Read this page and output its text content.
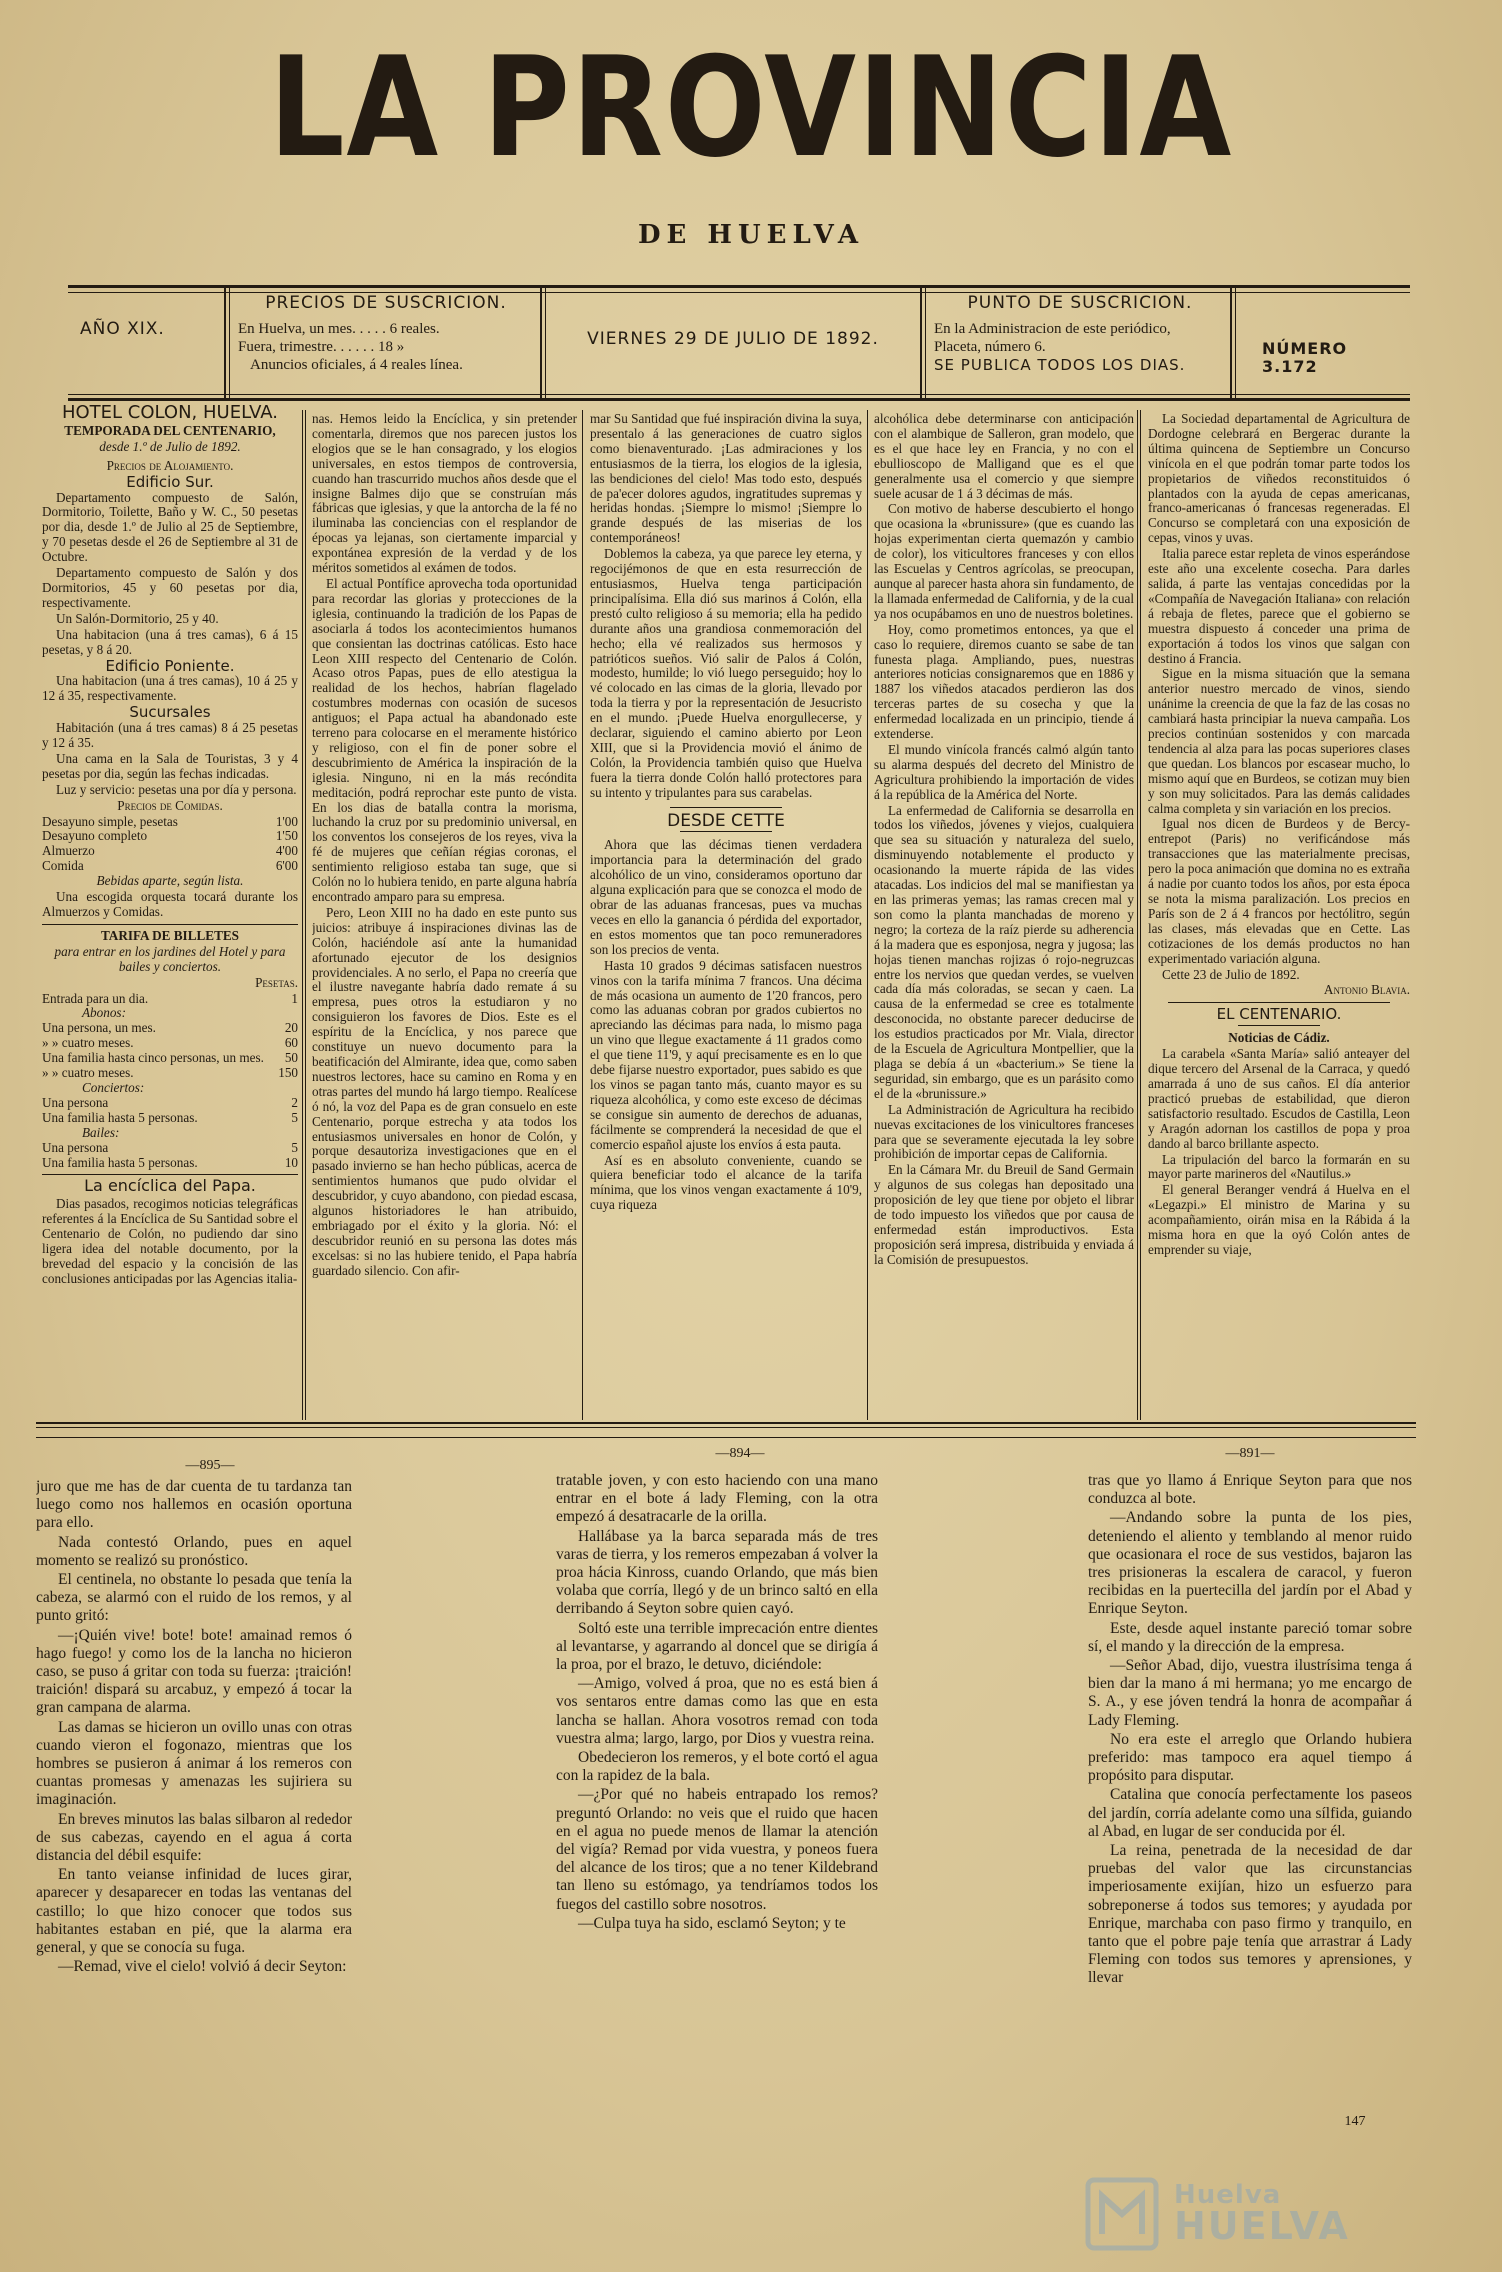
LA PROVINCIA
DE HUELVA
AÑO XIX.
PRECIOS DE SUSCRICION.
En Huelva, un mes. . . . . 6 reales.
Fuera, trimestre. . . . . . 18 »
Anuncios oficiales, á 4 reales línea.
VIERNES 29 DE JULIO DE 1892.
PUNTO DE SUSCRICION.
En la Administracion de este periódico,
Placeta, número 6.
SE PUBLICA TODOS LOS DIAS.
NÚMERO 3.172

HOTEL COLON, HUELVA.

TEMPORADA DEL CENTENARIO,

desde 1.º de Julio de 1892.

Precios de Alojamiento.

Edificio Sur.

Departamento compuesto de Salón, Dormitorio, Toilette, Baño y W. C., 50 pesetas por dia, desde 1.º de Julio al 25 de Septiembre, y 70 pesetas desde el 26 de Septiembre al 31 de Octubre.

Departamento compuesto de Salón y dos Dormitorios, 45 y 60 pesetas por dia, respectivamente.

Un Salón-Dormitorio, 25 y 40.

Una habitacion (una á tres camas), 6 á 15 pesetas, y 8 á 20.

Edificio Poniente.

Una habitacion (una á tres camas), 10 á 25 y 12 á 35, respectivamente.

Sucursales

Habitación (una á tres camas) 8 á 25 pesetas y 12 á 35.

Una cama en la Sala de Touristas, 3 y 4 pesetas por dia, según las fechas indicadas.

Luz y servicio: pesetas una por día y persona.

Precios de Comidas.

Desayuno simple, pesetas	1'00
Desayuno completo	1'50
Almuerzo	4'00
Comida	6'00

Bebidas aparte, según lista.

Una escogida orquesta tocará durante los Almuerzos y Comidas.

TARIFA DE BILLETES

para entrar en los jardines del Hotel y para bailes y conciertos.

Pesetas.

Entrada para un dia.	1
Abonos:
Una persona, un mes.	20
» » cuatro meses.	60
Una familia hasta cinco personas, un mes. 50
» » cuatro meses.	150
Conciertos:
Una persona	2
Una familia hasta 5 personas.	5
Bailes:
Una persona	5
Una familia hasta 5 personas.	10

La encíclica del Papa.

Dias pasados, recogimos noticias telegráficas referentes á la Encíclica de Su Santidad sobre el Centenario de Colón, no pudiendo dar sino ligera idea del notable documento, por la brevedad del espacio y la concisión de las conclusiones anticipadas por las Agencias italia-

nas. Hemos leido la Encíclica, y sin pretender comentarla, diremos que nos parecen justos los elogios que se le han consagrado, y los elogios universales, en estos tiempos de controversia, cuando han trascurrido muchos años desde que el insigne Balmes dijo que se construían más fábricas que iglesias, y que la antorcha de la fé no iluminaba las conciencias con el resplandor de épocas ya lejanas, son ciertamente imparcial y expontánea expresión de la verdad y de los méritos sometidos al exámen de todos.

El actual Pontífice aprovecha toda oportunidad para recordar las glorias y protecciones de la iglesia, continuando la tradición de los Papas de asociarla á todos los acontecimientos humanos que consientan las doctrinas católicas. Esto hace Leon XIII respecto del Centenario de Colón. Acaso otros Papas, pues de ello atestigua la realidad de los hechos, habrían flagelado costumbres modernas con ocasión de sucesos antiguos; el Papa actual ha abandonado este terreno para colocarse en el meramente histórico y religioso, con el fin de poner sobre el descubrimiento de América la inspiración de la iglesia. Ninguno, ni en la más recóndita meditación, podrá reprochar este punto de vista. En los dias de batalla contra la morisma, luchando la cruz por su predominio universal, en los conventos los consejeros de los reyes, viva la fé de mujeres que ceñían régias coronas, el sentimiento religioso estaba tan suge, que si Colón no lo hubiera tenido, en parte alguna habría encontrado amparo para su empresa.

Pero, Leon XIII no ha dado en este punto sus juicios: atribuye á inspiraciones divinas las de Colón, haciéndole así ante la humanidad afortunado ejecutor de los designios providenciales. A no serlo, el Papa no creería que el ilustre navegante habría dado remate á su empresa, pues otros la estudiaron y no consiguieron los favores de Dios. Este es el espíritu de la Encíclica, y nos parece que constituye un nuevo documento para la beatificación del Almirante, idea que, como saben nuestros lectores, hace su camino en Roma y en otras partes del mundo há largo tiempo. Realícese ó nó, la voz del Papa es de gran consuelo en este Centenario, porque estrecha y ata todos los entusiasmos universales en honor de Colón, y porque desautoriza investigaciones que en el pasado invierno se han hecho públicas, acerca de sentimientos humanos que pudo olvidar el descubridor, y cuyo abandono, con piedad escasa, algunos historiadores le han atribuido, embriagado por el éxito y la gloria. Nó: el descubridor reunió en su persona las dotes más excelsas: si no las hubiere tenido, el Papa habría guardado silencio. Con afir-

mar Su Santidad que fué inspiración divina la suya, presentalo á las generaciones de cuatro siglos como bienaventurado. ¡Las admiraciones y los entusiasmos de la tierra, los elogios de la iglesia, las bendiciones del cielo! Mas todo esto, después de pa'ecer dolores agudos, ingratitudes supremas y heridas hondas. ¡Siempre lo mismo! ¡Siempre lo grande después de las miserias de los contemporáneos!

Doblemos la cabeza, ya que parece ley eterna, y regocijémonos de que en esta resurrección de entusiasmos, Huelva tenga participación principalísima. Ella dió sus marinos á Colón, ella prestó culto religioso á su memoria; ella ha pedido durante años una grandiosa conmemoración del hecho; ella vé realizados sus hermosos y patrióticos sueños. Vió salir de Palos á Colón, modesto, humilde; lo vió luego perseguido; hoy lo vé colocado en las cimas de la gloria, llevado por toda la tierra y por la representación de Jesucristo en el mundo. ¡Puede Huelva enorgullecerse, y declarar, siguiendo el camino abierto por Leon XIII, que si la Providencia movió el ánimo de Colón, la Providencia también quiso que Huelva fuera la tierra donde Colón halló protectores para su intento y tripulantes para sus carabelas.

DESDE CETTE

Ahora que las décimas tienen verdadera importancia para la determinación del grado alcohólico de un vino, consideramos oportuno dar alguna explicación para que se conozca el modo de obrar de las aduanas francesas, pues va muchas veces en ello la ganancia ó pérdida del exportador, en estos momentos que tan poco remuneradores son los precios de venta.

Hasta 10 grados 9 décimas satisfacen nuestros vinos con la tarifa mínima 7 francos. Una décima de más ocasiona un aumento de 1'20 francos, pero como las aduanas cobran por grados cubiertos no apreciando las décimas para nada, lo mismo paga un vino que llegue exactamente á 11 grados como el que tiene 11'9, y aquí precisamente es en lo que debe fijarse nuestro exportador, pues sabido es que los vinos se pagan tanto más, cuanto mayor es su riqueza alcohólica, y como este exceso de décimas se consigue sin aumento de derechos de aduanas, fácilmente se comprenderá la necesidad de que el comercio español ajuste los envíos á esta pauta.

Así es en absoluto conveniente, cuando se quiera beneficiar todo el alcance de la tarifa mínima, que los vinos vengan exactamente á 10'9, cuya riqueza

alcohólica debe determinarse con anticipación con el alambique de Salleron, gran modelo, que es el que hace ley en Francia, y no con el ebullioscopo de Malligand que es el que generalmente usa el comercio y que siempre suele acusar de 1 á 3 décimas de más.

Con motivo de haberse descubierto el hongo que ocasiona la «brunissure» (que es cuando las hojas experimentan cierta quemazón y cambio de color), los viticultores franceses y con ellos las Escuelas y Centros agrícolas, se preocupan, aunque al parecer hasta ahora sin fundamento, de la llamada enfermedad de California, y de la cual ya nos ocupábamos en uno de nuestros boletines.

Hoy, como prometimos entonces, ya que el caso lo requiere, diremos cuanto se sabe de tan funesta plaga. Ampliando, pues, nuestras anteriores noticias consignaremos que en 1886 y 1887 los viñedos atacados perdieron las dos terceras partes de su cosecha y que la enfermedad localizada en un principio, tiende á extenderse.

El mundo vinícola francés calmó algún tanto su alarma después del decreto del Ministro de Agricultura prohibiendo la importación de vides á la república de la América del Norte.

La enfermedad de California se desarrolla en todos los viñedos, jóvenes y viejos, cualquiera que sea su situación y naturaleza del suelo, disminuyendo notablemente el producto y ocasionando la muerte rápida de las vides atacadas. Los indicios del mal se manifiestan ya en las primeras yemas; las ramas crecen mal y son como la planta manchadas de moreno y negro; la corteza de la raíz pierde su adherencia á la madera que es esponjosa, negra y jugosa; las hojas tienen manchas rojizas ó rojo-negruzcas entre los nervios que quedan verdes, se vuelven cada día más coloradas, se secan y caen. La causa de la enfermedad se cree es totalmente desconocida, no obstante parecer deducirse de los estudios practicados por Mr. Viala, director de la Escuela de Agricultura Montpellier, que la plaga se debía á un «bacterium.» Se tiene la seguridad, sin embargo, que es un parásito como el de la «brunissure.»

La Administración de Agricultura ha recibido nuevas excitaciones de los vinicultores franceses para que se severamente ejecutada la ley sobre prohibición de importar cepas de California.

En la Cámara Mr. du Breuil de Sand Germain y algunos de sus colegas han depositado una proposición de ley que tiene por objeto el librar de todo impuesto los viñedos que por causa de enfermedad están improductivos. Esta proposición será impresa, distribuida y enviada á la Comisión de presupuestos.

La Sociedad departamental de Agricultura de Dordogne celebrará en Bergerac durante la última quincena de Septiembre un Concurso vinícola en el que podrán tomar parte todos los propietarios de viñedos reconstituidos ó plantados con la ayuda de cepas americanas, franco-americanas ó francesas regeneradas. El Concurso se completará con una exposición de cepas, vinos y uvas.

Italia parece estar repleta de vinos esperándose este año una excelente cosecha. Para darles salida, á parte las ventajas concedidas por la «Compañía de Navegación Italiana» con relación á rebaja de fletes, parece que el gobierno se muestra dispuesto á conceder una prima de exportación á todos los vinos que salgan con destino á Francia.

Sigue en la misma situación que la semana anterior nuestro mercado de vinos, siendo unánime la creencia de que la faz de las cosas no cambiará hasta principiar la nueva campaña. Los precios continúan sostenidos y con marcada tendencia al alza para las pocas superiores clases que quedan. Los blancos por escasear mucho, lo mismo aquí que en Burdeos, se cotizan muy bien y son muy solicitados. Para las demás calidades calma completa y sin variación en los precios.

Igual nos dicen de Burdeos y de Bercy-entrepot (Paris) no verificándose más transacciones que las materialmente precisas, pero la poca animación que domina no es extraña á nadie por cuanto todos los años, por esta época se nota la misma paralización. Los precios en París son de 2 á 4 francos por hectólitro, según las clases, más elevadas que en Cette. Las cotizaciones de los demás productos no han experimentado variación alguna.

Cette 23 de Julio de 1892.

Antonio Blavia.

EL CENTENARIO.

Noticias de Cádiz.

La carabela «Santa María» salió anteayer del dique tercero del Arsenal de la Carraca, y quedó amarrada á uno de sus caños. El día anterior practicó pruebas de estabilidad, que dieron satisfactorio resultado. Escudos de Castilla, Leon y Aragón adornan los castillos de popa y proa dando al barco brillante aspecto.

La tripulación del barco la formarán en su mayor parte marineros del «Nautilus.»

El general Beranger vendrá á Huelva en el «Legazpi.» El ministro de Marina y su acompañamiento, oirán misa en la Rábida á la misma hora en que la oyó Colón antes de emprender su viaje,

—895—
—894—	—891—

juro que me has de dar cuenta de tu tardanza tan luego como nos hallemos en ocasión oportuna para ello.

Nada contestó Orlando, pues en aquel momento se realizó su pronóstico.

El centinela, no obstante lo pesada que tenía la cabeza, se alarmó con el ruido de los remos, y al punto gritó:

—¡Quién vive! bote! bote! amainad remos ó hago fuego! y como los de la lancha no hicieron caso, se puso á gritar con toda su fuerza: ¡traición! traición! dispará su arcabuz, y empezó á tocar la gran campana de alarma.

Las damas se hicieron un ovillo unas con otras cuando vieron el fogonazo, mientras que los hombres se pusieron á animar á los remeros con cuantas promesas y amenazas les sujiriera su imaginación.

En breves minutos las balas silbaron al rededor de sus cabezas, cayendo en el agua á corta distancia del débil esquife:

En tanto veianse infinidad de luces girar, aparecer y desaparecer en todas las ventanas del castillo; lo que hizo conocer que todos sus habitantes estaban en pié, que la alarma era general, y que se conocía su fuga.

—Remad, vive el cielo! volvió á decir Seyton:

tratable joven, y con esto haciendo con una mano entrar en el bote á lady Fleming, con la otra empezó á desatracarle de la orilla.

Hallábase ya la barca separada más de tres varas de tierra, y los remeros empezaban á volver la proa hácia Kinross, cuando Orlando, que más bien volaba que corría, llegó y de un brinco saltó en ella derribando á Seyton sobre quien cayó.

Soltó este una terrible imprecación entre dientes al levantarse, y agarrando al doncel que se dirigía á la proa, por el brazo, le detuvo, diciéndole:

—Amigo, volved á proa, que no es está bien á vos sentaros entre damas como las que en esta lancha se hallan. Ahora vosotros remad con toda vuestra alma; largo, largo, por Dios y vuestra reina.

Obedecieron los remeros, y el bote cortó el agua con la rapidez de la bala.

—¿Por qué no habeis entrapado los remos? preguntó Orlando: no veis que el ruido que hacen en el agua no puede menos de llamar la atención del vigía? Remad por vida vuestra, y poneos fuera del alcance de los tiros; que a no tener Kildebrand tan lleno su estómago, ya tendríamos todos los fuegos del castillo sobre nosotros.

—Culpa tuya ha sido, esclamó Seyton; y te

tras que yo llamo á Enrique Seyton para que nos conduzca al bote.

—Andando sobre la punta de los pies, deteniendo el aliento y temblando al menor ruido que ocasionara el roce de sus vestidos, bajaron las tres prisioneras la escalera de caracol, y fueron recibidas en la puertecilla del jardín por el Abad y Enrique Seyton.

Este, desde aquel instante pareció tomar sobre sí, el mando y la dirección de la empresa.

—Señor Abad, dijo, vuestra ilustrísima tenga á bien dar la mano á mi hermana; yo me encargo de S. A., y ese jóven tendrá la honra de acompañar á Lady Fleming.

No era este el arreglo que Orlando hubiera preferido: mas tampoco era aquel tiempo á propósito para disputar.

Catalina que conocía perfectamente los paseos del jardín, corría adelante como una sílfida, guiando al Abad, en lugar de ser conducida por él.

La reina, penetrada de la necesidad de dar pruebas del valor que las circunstancias imperiosamente exijían, hizo un esfuerzo para sobreponerse á todos sus temores; y ayudada por Enrique, marchaba con paso firmo y tranquilo, en tanto que el pobre paje tenía que arrastrar á Lady Fleming con todos sus temores y aprensiones, y llevar

147
Huelva
HUELVA
